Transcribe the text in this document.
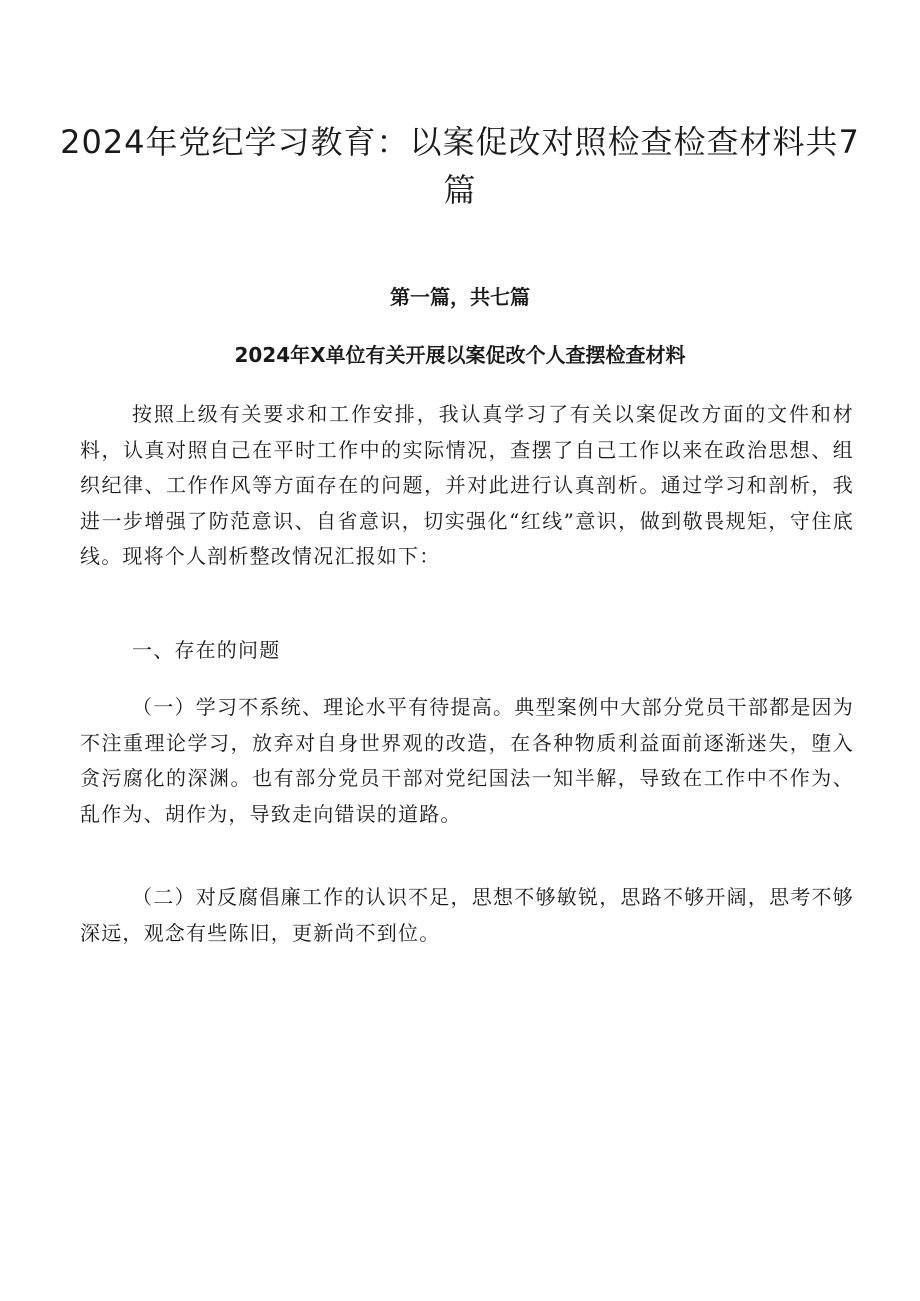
2024年党纪学习教育：以案促改对照检查检查材料共7篇
第一篇，共七篇
2024年X单位有关开展以案促改个人查摆检查材料

按照上级有关要求和工作安排，我认真学习了有关以案促改方面的文件和材料，认真对照自己在平时工作中的实际情况，查摆了自己工作以来在政治思想、组织纪律、工作作风等方面存在的问题，并对此进行认真剖析。通过学习和剖析，我进一步增强了防范意识、自省意识，切实强化“红线”意识，做到敬畏规矩，守住底线。现将个人剖析整改情况汇报如下：

一、存在的问题

（一）学习不系统、理论水平有待提高。典型案例中大部分党员干部都是因为不注重理论学习，放弃对自身世界观的改造，在各种物质利益面前逐渐迷失，堕入贪污腐化的深渊。也有部分党员干部对党纪国法一知半解，导致在工作中不作为、乱作为、胡作为，导致走向错误的道路。

（二）对反腐倡廉工作的认识不足，思想不够敏锐，思路不够开阔，思考不够深远，观念有些陈旧，更新尚不到位。
